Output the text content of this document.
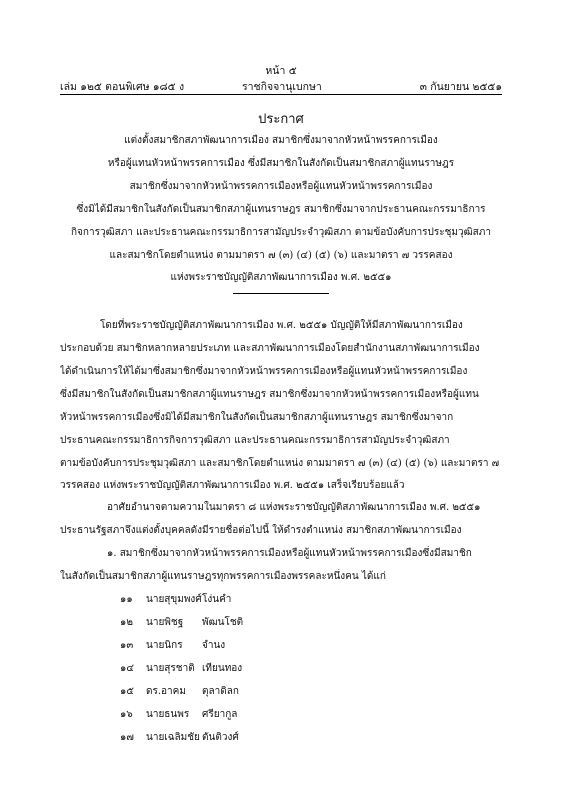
หน้า ๕
เล่ม ๑๒๕ ตอนพิเศษ ๑๘๕ ง	ราชกิจจานุเบกษา	๓ กันยายน ๒๕๕๑
ประกาศ
แต่งตั้งสมาชิกสภาพัฒนาการเมือง สมาชิกซึ่งมาจากหัวหน้าพรรคการเมือง
หรือผู้แทนหัวหน้าพรรคการเมือง ซึ่งมีสมาชิกในสังกัดเป็นสมาชิกสภาผู้แทนราษฎร
สมาชิกซึ่งมาจากหัวหน้าพรรคการเมืองหรือผู้แทนหัวหน้าพรรคการเมือง
ซึ่งมิได้มีสมาชิกในสังกัดเป็นสมาชิกสภาผู้แทนราษฎร สมาชิกซึ่งมาจากประธานคณะกรรมาธิการ
กิจการวุฒิสภา และประธานคณะกรรมาธิการสามัญประจำวุฒิสภา ตามข้อบังคับการประชุมวุฒิสภา
และสมาชิกโดยตำแหน่ง ตามมาตรา ๗ (๓) (๔) (๕) (๖) และมาตรา ๗ วรรคสอง
แห่งพระราชบัญญัติสภาพัฒนาการเมือง พ.ศ. ๒๕๕๑
โดยที่พระราชบัญญัติสภาพัฒนาการเมือง พ.ศ. ๒๕๕๑ บัญญัติให้มีสภาพัฒนาการเมือง
ประกอบด้วย สมาชิกหลากหลายประเภท และสภาพัฒนาการเมืองโดยสำนักงานสภาพัฒนาการเมือง
ได้ดำเนินการให้ได้มาซึ่งสมาชิกซึ่งมาจากหัวหน้าพรรคการเมืองหรือผู้แทนหัวหน้าพรรคการเมือง
ซึ่งมีสมาชิกในสังกัดเป็นสมาชิกสภาผู้แทนราษฎร สมาชิกซึ่งมาจากหัวหน้าพรรคการเมืองหรือผู้แทน
หัวหน้าพรรคการเมืองซึ่งมิได้มีสมาชิกในสังกัดเป็นสมาชิกสภาผู้แทนราษฎร สมาชิกซึ่งมาจาก
ประธานคณะกรรมาธิการกิจการวุฒิสภา และประธานคณะกรรมาธิการสามัญประจำวุฒิสภา
ตามข้อบังคับการประชุมวุฒิสภา และสมาชิกโดยตำแหน่ง ตามมาตรา ๗ (๓) (๔) (๕) (๖) และมาตรา ๗
วรรคสอง แห่งพระราชบัญญัติสภาพัฒนาการเมือง พ.ศ. ๒๕๕๑ เสร็จเรียบร้อยแล้ว
อาศัยอำนาจตามความในมาตรา ๘ แห่งพระราชบัญญัติสภาพัฒนาการเมือง พ.ศ. ๒๕๕๑
ประธานรัฐสภาจึงแต่งตั้งบุคคลดังมีรายชื่อต่อไปนี้ ให้ดำรงตำแหน่ง สมาชิกสภาพัฒนาการเมือง
๑. สมาชิกซึ่งมาจากหัวหน้าพรรคการเมืองหรือผู้แทนหัวหน้าพรรคการเมืองซึ่งมีสมาชิก
ในสังกัดเป็นสมาชิกสภาผู้แทนราษฎรทุกพรรคการเมืองพรรคละหนึ่งคน ได้แก่
๑๑ นายสุขุมพงศ์โง่นคำ
๑๒ นายพิชฐ พัฒนโชติ
๑๓ นายนิกร จำนง
๑๔ นายสุรชาติ เทียนทอง
๑๕ ดร.อาคม ตุลาดิลก
๑๖ นายธนพร ศรียากูล
๑๗ นายเฉลิมชัย ตันติวงศ์
